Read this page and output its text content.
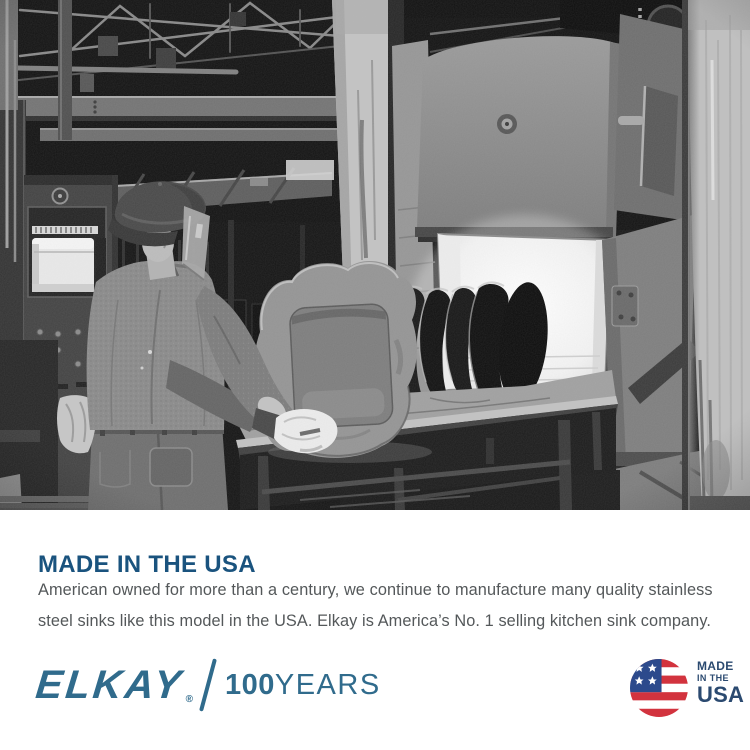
MADE IN THE USA
American owned for more than a century, we continue to manufacture many quality stainless
steel sinks like this model in the USA. Elkay is America’s No. 1 selling kitchen sink company.
ELKAY ® 100 YEARS
MADE
IN THE
USA
